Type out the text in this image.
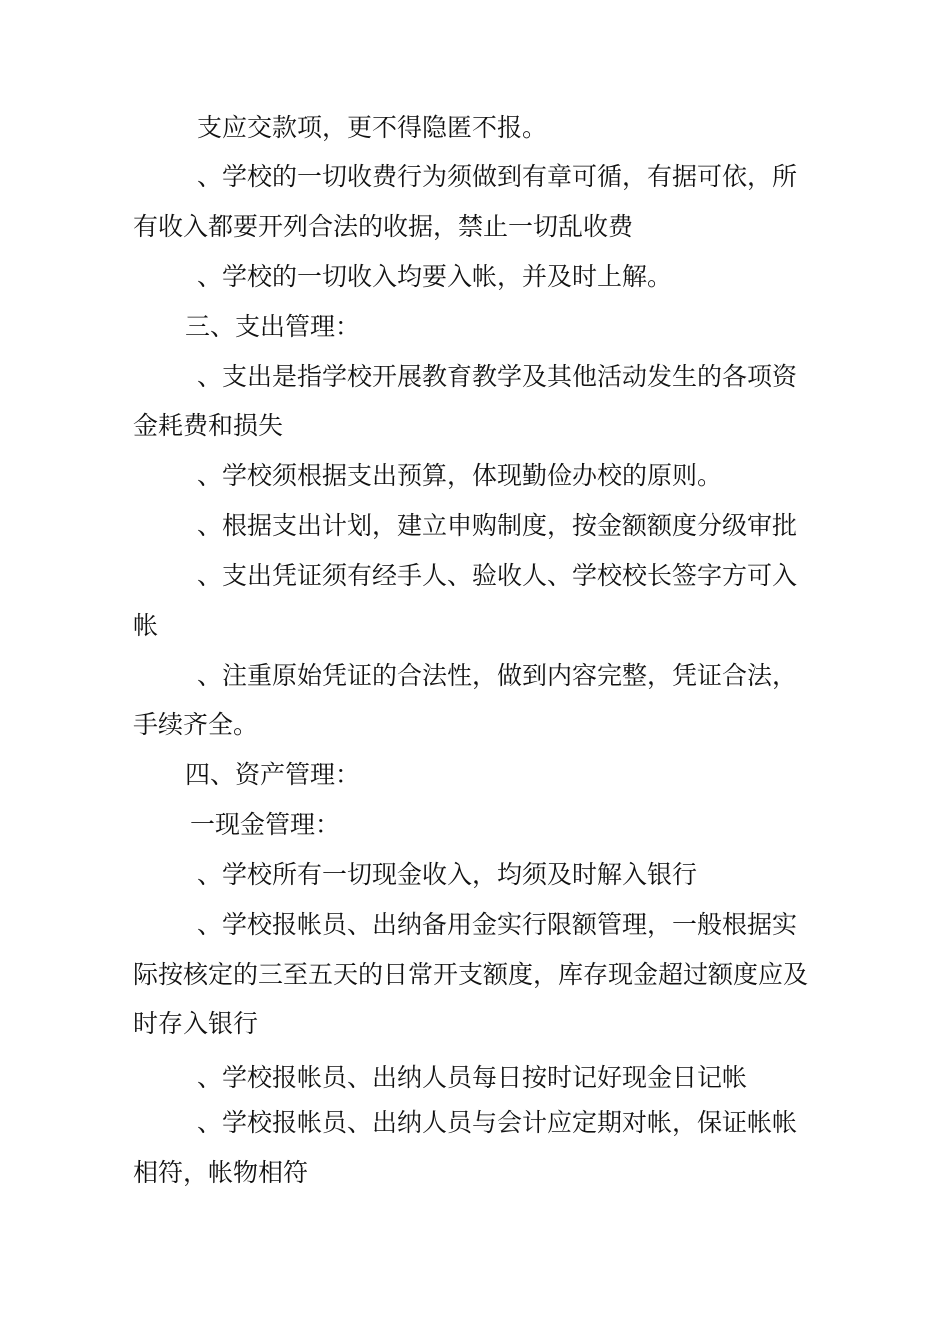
支应交款项，更不得隐匿不报。
、学校的一切收费行为须做到有章可循，有据可依，所
有收入都要开列合法的收据，禁止一切乱收费
、学校的一切收入均要入帐，并及时上解。
三、支出管理：
、支出是指学校开展教育教学及其他活动发生的各项资
金耗费和损失
、学校须根据支出预算，体现勤俭办校的原则。
、根据支出计划，建立申购制度，按金额额度分级审批
、支出凭证须有经手人、验收人、学校校长签字方可入
帐
、注重原始凭证的合法性，做到内容完整，凭证合法，
手续齐全。
四、资产管理：
一现金管理：
、学校所有一切现金收入，均须及时解入银行
、学校报帐员、出纳备用金实行限额管理，一般根据实
际按核定的三至五天的日常开支额度，库存现金超过额度应及
时存入银行
、学校报帐员、出纳人员每日按时记好现金日记帐
、学校报帐员、出纳人员与会计应定期对帐，保证帐帐
相符，帐物相符
